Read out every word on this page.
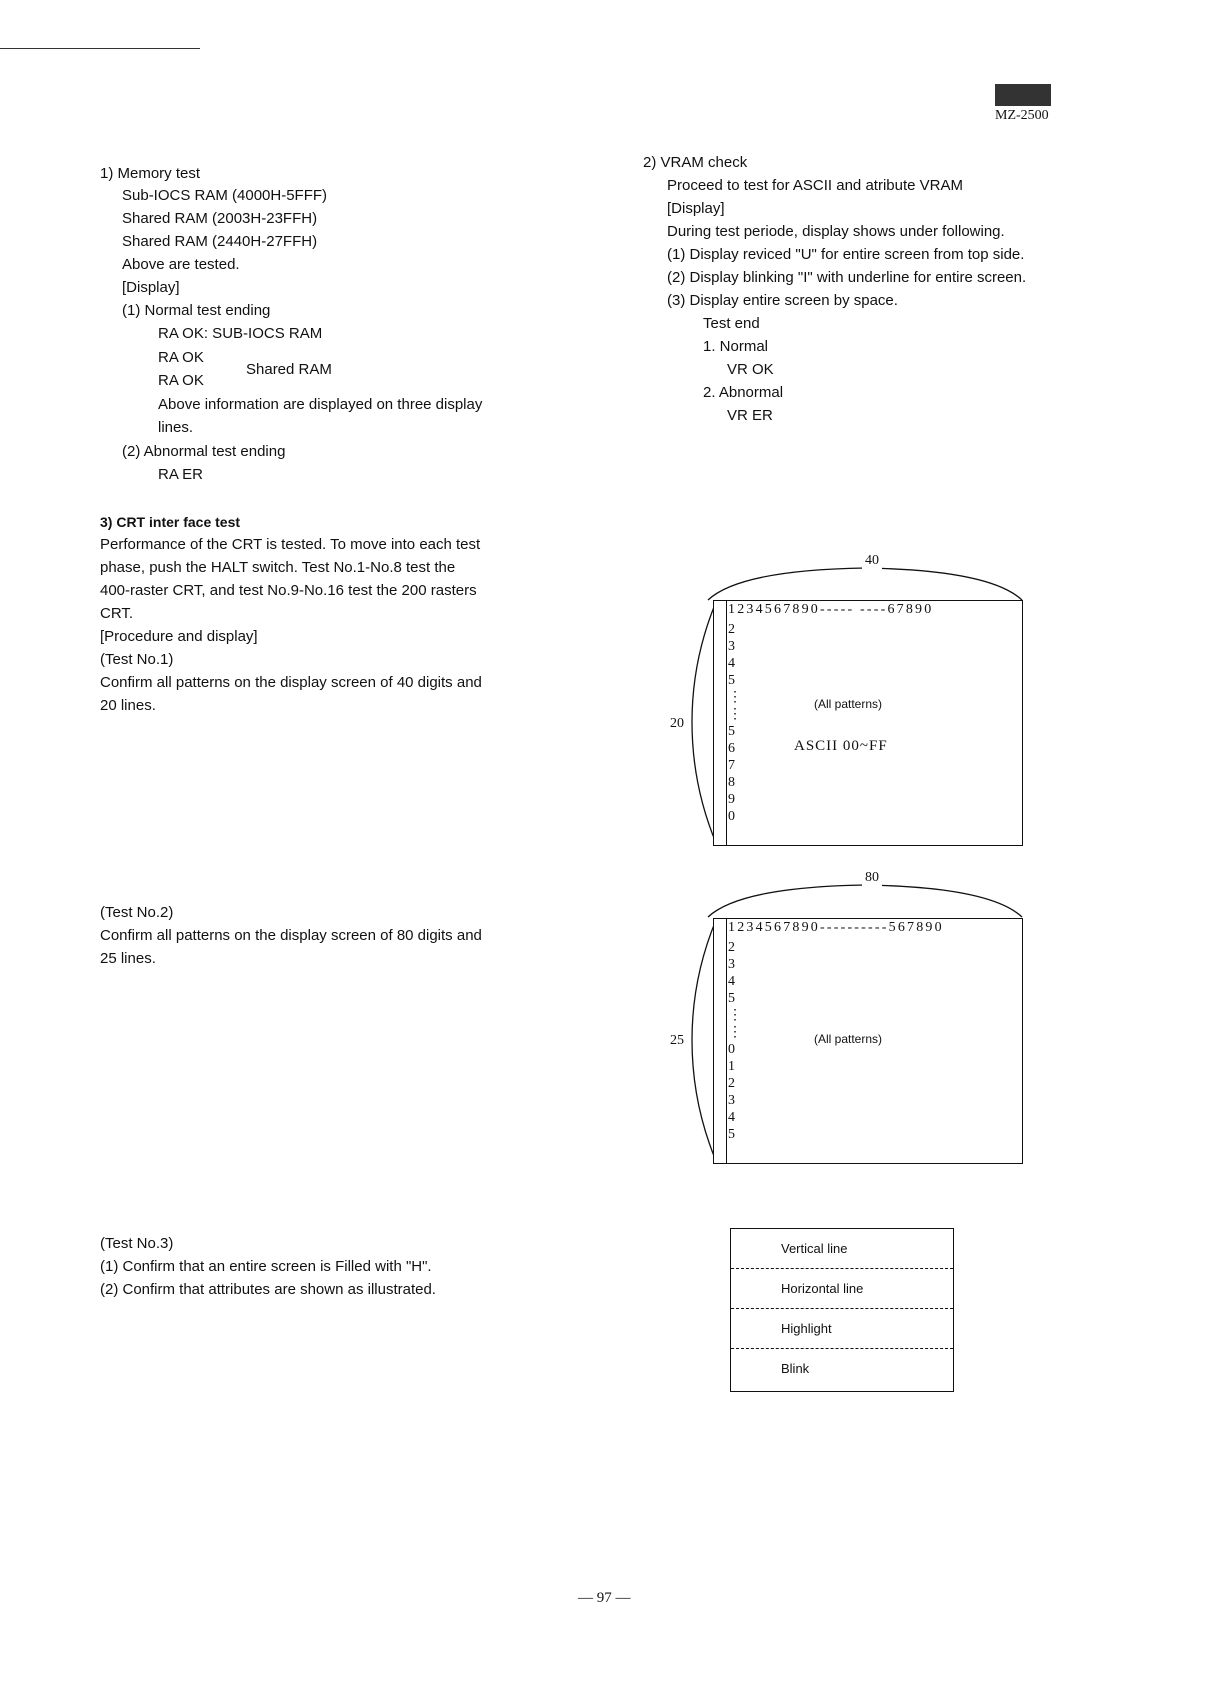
MZ-2500
1) Memory test
Sub-IOCS RAM (4000H-5FFF)
Shared RAM (2003H-23FFH)
Shared RAM (2440H-27FFH)
Above are tested.
[Display]
(1) Normal test ending
RA OK: SUB-IOCS RAM
RA OK
Shared RAM
RA OK
Above information are displayed on three display
lines.
(2) Abnormal test ending
RA ER
3) CRT inter face test
Performance of the CRT is tested. To move into each test
phase, push the HALT switch. Test No.1-No.8 test the
400-raster CRT, and test No.9-No.16 test the 200 rasters
CRT.
[Procedure and display]
(Test No.1)
Confirm all patterns on the display screen of 40 digits and
20 lines.
(Test No.2)
Confirm all patterns on the display screen of 80 digits and
25 lines.
(Test No.3)
(1) Confirm that an entire screen is Filled with "H".
(2) Confirm that attributes are shown as illustrated.
2) VRAM check
Proceed to test for ASCII and atribute VRAM
[Display]
During test periode, display shows under following.
(1) Display reviced "U" for entire screen from top side.
(2) Display blinking "I" with underline for entire screen.
(3) Display entire screen by space.
Test end
1. Normal
VR OK
2. Abnormal
VR ER
40
20
1234567890----- ----67890
2
3
4
5
⋮
⋮
5
6
7
8
9
0
(All patterns)
ASCII 00~FF
80
25
1234567890----------567890
2
3
4
5
⋮
⋮
0
1
2
3
4
5
(All patterns)
Vertical line
Horizontal line
Highlight
Blink
— 97 —
